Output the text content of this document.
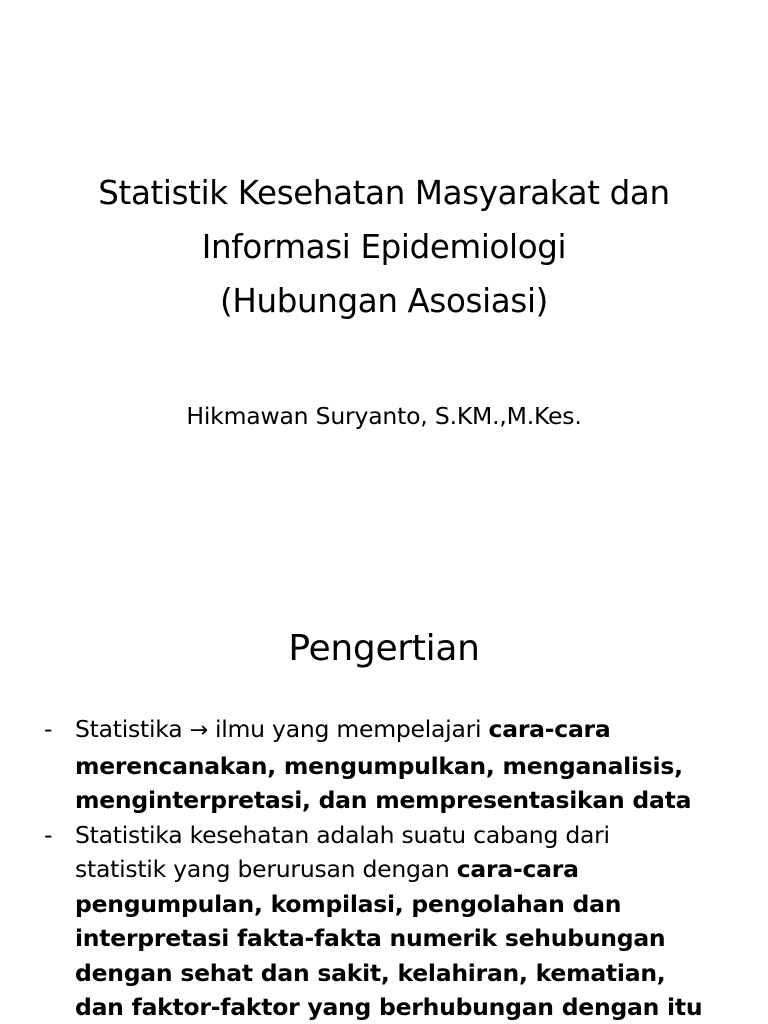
Statistik Kesehatan Masyarakat dan
Informasi Epidemiologi
(Hubungan Asosiasi)
Hikmawan Suryanto, S.KM.,M.Kes.
Pengertian
- Statistika → ilmu yang mempelajari cara-cara
merencanakan, mengumpulkan, menganalisis,
menginterpretasi, dan mempresentasikan data
- Statistika kesehatan adalah suatu cabang dari
statistik yang berurusan dengan cara-cara
pengumpulan, kompilasi, pengolahan dan
interpretasi fakta-fakta numerik sehubungan
dengan sehat dan sakit, kelahiran, kematian,
dan faktor-faktor yang berhubungan dengan itu
